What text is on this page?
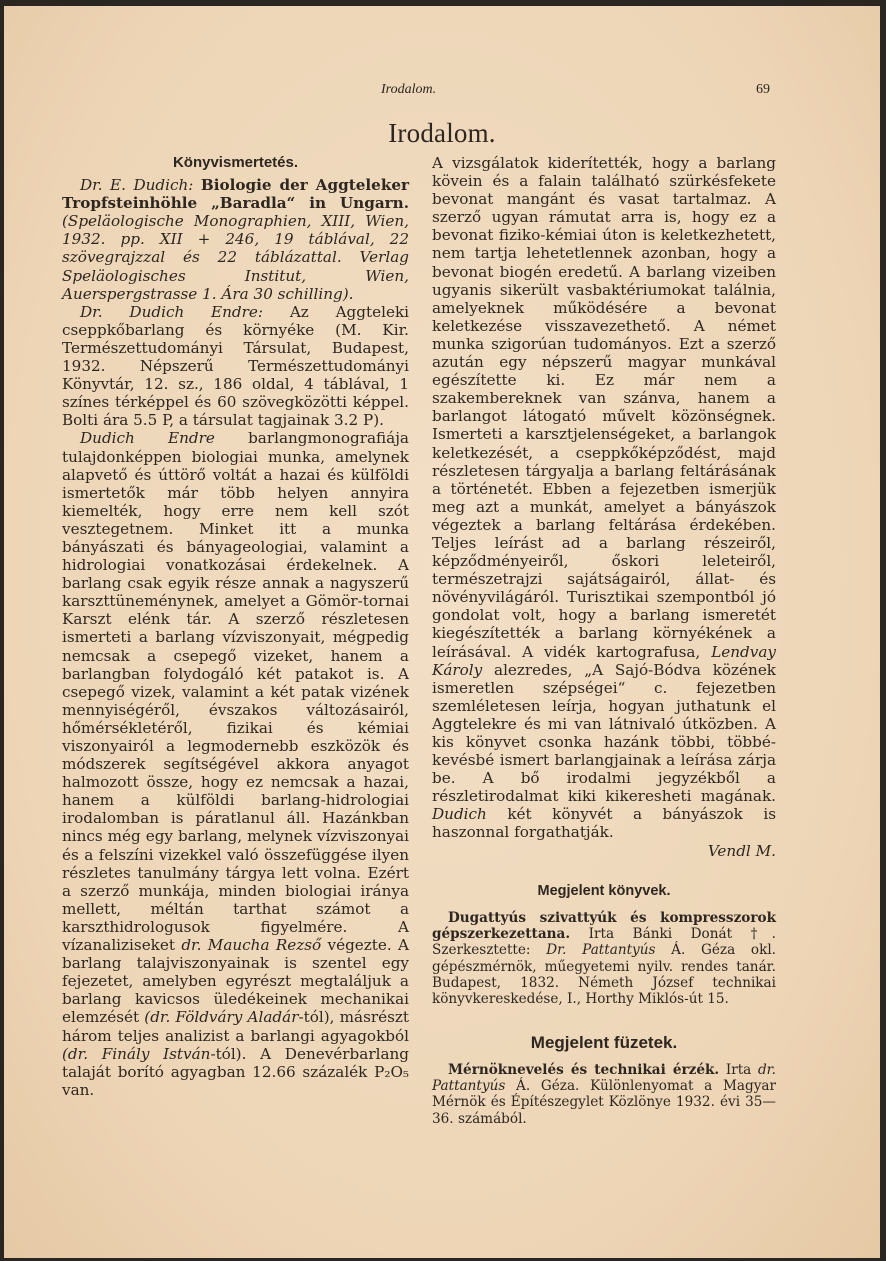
Irodalom.	69
Irodalom.
Könyvismertetés.

Dr. E. Dudich: Biologie der Aggteleker Tropfsteinhöhle „Baradla“ in Ungarn. (Speläologische Monographien, XIII, Wien, 1932. pp. XII + 246, 19 táblával, 22 szövegrajzzal és 22 táblázattal. Verlag Speläologisches Institut, Wien, Auerspergstrasse 1. Ára 30 schilling).

Dr. Dudich Endre: Az Aggteleki cseppkőbarlang és környéke (M. Kir. Természettudományi Társulat, Budapest, 1932. Népszerű Természettudományi Könyvtár, 12. sz., 186 oldal, 4 táblával, 1 színes térképpel és 60 szövegközötti képpel. Bolti ára 5.5 P, a társulat tagjainak 3.2 P).

Dudich Endre barlangmonografiája tulajdonképpen biologiai munka, amelynek alapvető és úttörő voltát a hazai és külföldi ismertetők már több helyen annyira kiemelték, hogy erre nem kell szót vesztegetnem. Minket itt a munka bányászati és bányageologiai, valamint a hidrologiai vonatkozásai érdekelnek. A barlang csak egyik része annak a nagyszerű karszttüneménynek, amelyet a Gömör-tornai Karszt elénk tár. A szerző részletesen ismerteti a barlang vízviszonyait, mégpedig nemcsak a csepegő vizeket, hanem a barlangban folydogáló két patakot is. A csepegő vizek, valamint a két patak vizének mennyiségéről, évszakos változásairól, hőmérsékletéről, fizikai és kémiai viszonyairól a legmodernebb eszközök és módszerek segítségével akkora anyagot halmozott össze, hogy ez nemcsak a hazai, hanem a külföldi barlang-hidrologiai irodalomban is páratlanul áll. Hazánkban nincs még egy barlang, melynek vízviszonyai és a felszíni vizekkel való összefüggése ilyen részletes tanulmány tárgya lett volna. Ezért a szerző munkája, minden biologiai iránya mellett, méltán tarthat számot a karszthidrologusok figyelmére. A vízanaliziseket dr. Maucha Rezső végezte. A barlang talajviszonyainak is szentel egy fejezetet, amelyben egyrészt megtaláljuk a barlang kavicsos üledékeinek mechanikai elemzését (dr. Földváry Aladár-tól), másrészt három teljes analizist a barlangi agyagokból (dr. Finály István-tól). A Denevérbarlang talaját borító agyagban 12.66 százalék P₂O₅ van.

A vizsgálatok kiderítették, hogy a barlang kövein és a falain található szürkésfekete bevonat mangánt és vasat tartalmaz. A szerző ugyan rámutat arra is, hogy ez a bevonat fiziko-kémiai úton is keletkezhetett, nem tartja lehetetlennek azonban, hogy a bevonat biogén eredetű. A barlang vizeiben ugyanis sikerült vasbaktériumokat találnia, amelyeknek működésére a bevonat keletkezése visszavezethető. A német munka szigorúan tudományos. Ezt a szerző azután egy népszerű magyar munkával egészítette ki. Ez már nem a szakembereknek van szánva, hanem a barlangot látogató művelt közönségnek. Ismerteti a karsztjelenségeket, a barlangok keletkezését, a cseppkőképződést, majd részletesen tárgyalja a barlang feltárásának a történetét. Ebben a fejezetben ismerjük meg azt a munkát, amelyet a bányászok végeztek a barlang feltárása érdekében. Teljes leírást ad a barlang részeiről, képződményeiről, őskori leleteiről, természetrajzi sajátságairól, állat- és növényvilágáról. Turisztikai szempontból jó gondolat volt, hogy a barlang ismeretét kiegészítették a barlang környékének a leírásával. A vidék kartografusa, Lendvay Károly alezredes, „A Sajó-Bódva közének ismeretlen szépségei“ c. fejezetben szemléletesen leírja, hogyan juthatunk el Aggtelekre és mi van látnivaló útközben. A kis könyvet csonka hazánk többi, többé-kevésbé ismert barlangjainak a leírása zárja be. A bő irodalmi jegyzékből a részletirodalmat kiki kikeresheti magának. Dudich két könyvét a bányászok is haszonnal forgathatják.
Vendl M.

Megjelent könyvek.

Dugattyús szivattyúk és kompresszorok gépszerkezettana. Irta Bánki Donát †. Szerkesztette: Dr. Pattantyús Á. Géza okl. gépészmérnök, műegyetemi nyilv. rendes tanár. Budapest, 1832. Németh József technikai könyvkereskedése, I., Horthy Miklós-út 15.

Megjelent füzetek.

Mérnöknevelés és technikai érzék. Irta dr. Pattantyús Á. Géza. Különlenyomat a Magyar Mérnök és Építészegylet Közlönye 1932. évi 35—36. számából.
